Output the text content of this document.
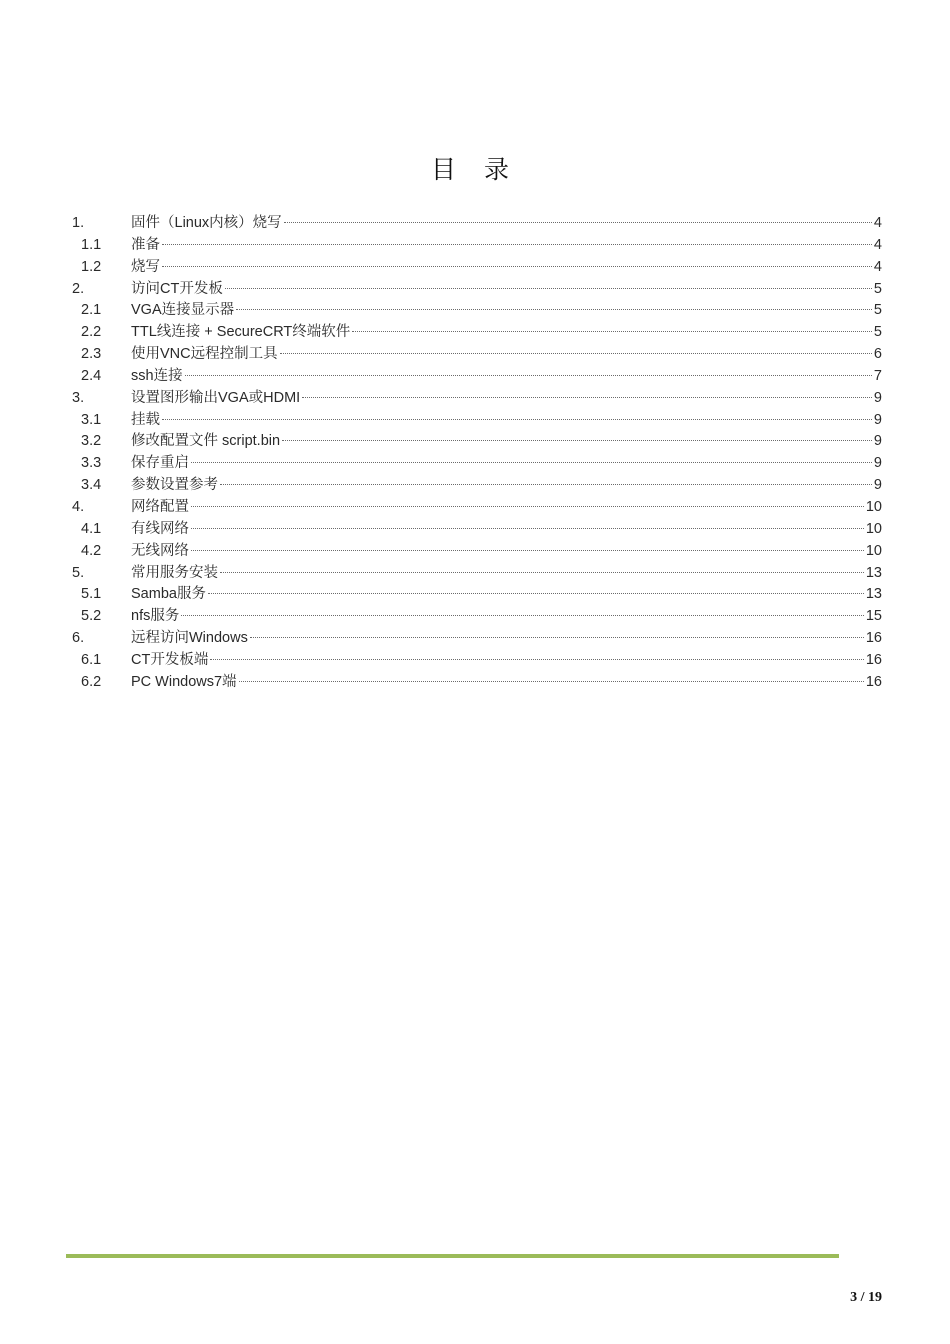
目 录
1.	固件（Linux内核）烧写	4
1.1	准备	4
1.2	烧写	4
2.	访问CT开发板	5
2.1	VGA连接显示器	5
2.2	TTL线连接 + SecureCRT终端软件	5
2.3	使用VNC远程控制工具	6
2.4	ssh连接	7
3.	设置图形输出VGA或HDMI	9
3.1	挂载	9
3.2	修改配置文件 script.bin	9
3.3	保存重启	9
3.4	参数设置参考	9
4.	网络配置	10
4.1	有线网络	10
4.2	无线网络	10
5.	常用服务安装	13
5.1	Samba服务	13
5.2	nfs服务	15
6.	远程访问Windows	16
6.1	CT开发板端	16
6.2	PC Windows7端	16
3 / 19
